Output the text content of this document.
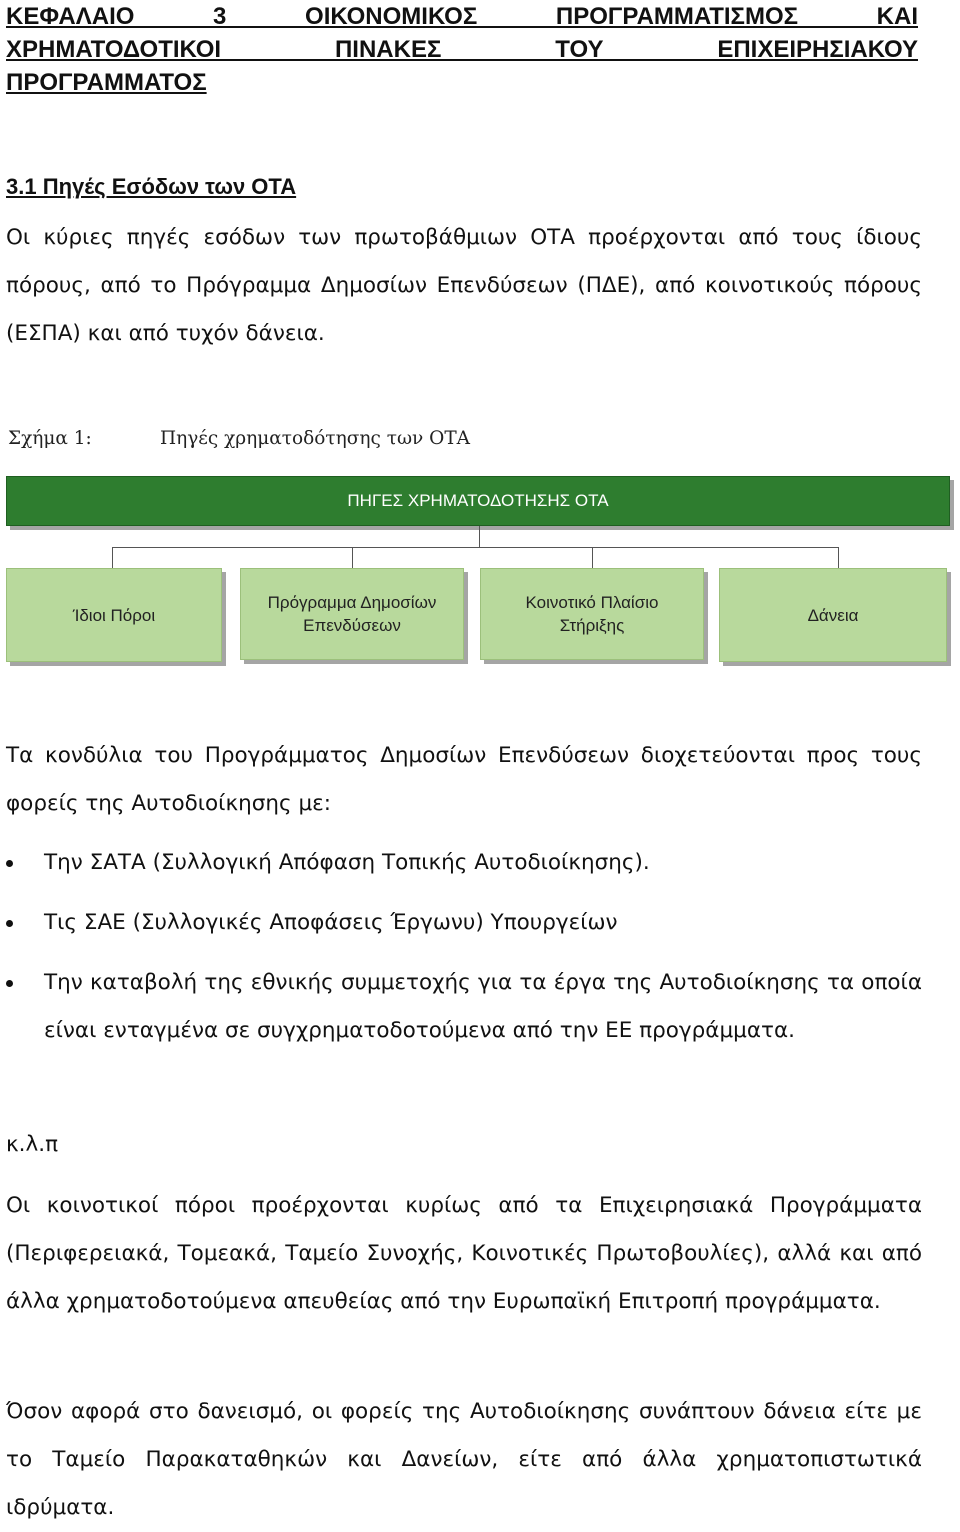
ΚΕΦΑΛΑΙΟ 3 ΟΙΚΟΝΟΜΙΚΟΣ ΠΡΟΓΡΑΜΜΑΤΙΣΜΟΣ ΚΑΙ
ΧΡΗΜΑΤΟΔΟΤΙΚΟΙ ΠΙΝΑΚΕΣ ΤΟΥ ΕΠΙΧΕΙΡΗΣΙΑΚΟΥ
ΠΡΟΓΡΑΜΜΑΤΟΣ
3.1 Πηγές Εσόδων των ΟΤΑ

Οι κύριες πηγές εσόδων των πρωτοβάθμιων ΟΤΑ προέρχονται από τους ίδιους πόρους, από το Πρόγραμμα Δημοσίων Επενδύσεων (ΠΔΕ), από κοινοτικούς πόρους (ΕΣΠΑ) και από τυχόν δάνεια.

Σχήμα 1:	Πηγές χρηματοδότησης των ΟΤΑ
ΠΗΓΕΣ ΧΡΗΜΑΤΟΔΟΤΗΣΗΣ ΟΤΑ
Ίδιοι Πόροι
Πρόγραμμα Δημοσίων Επενδύσεων
Κοινοτικό Πλαίσιο Στήριξης
Δάνεια

Τα κονδύλια του Προγράμματος Δημοσίων Επενδύσεων διοχετεύονται προς τους φορείς της Αυτοδιοίκησης με:

Την ΣΑΤΑ (Συλλογική Απόφαση Τοπικής Αυτοδιοίκησης).
Τις ΣΑΕ (Συλλογικές Αποφάσεις Έργωνυ) Υπουργείων
Την καταβολή της εθνικής συμμετοχής για τα έργα της Αυτοδιοίκησης τα οποία είναι ενταγμένα σε συγχρηματοδοτούμενα από την ΕΕ προγράμματα.

κ.λ.π

Οι κοινοτικοί πόροι προέρχονται κυρίως από τα Επιχειρησιακά Προγράμματα (Περιφερειακά, Τομεακά, Ταμείο Συνοχής, Κοινοτικές Πρωτοβουλίες), αλλά και από άλλα χρηματοδοτούμενα απευθείας από την Ευρωπαϊκή Επιτροπή προγράμματα.

Όσον αφορά στο δανεισμό, οι φορείς της Αυτοδιοίκησης συνάπτουν δάνεια είτε με το Ταμείο Παρακαταθηκών και Δανείων, είτε από άλλα χρηματοπιστωτικά ιδρύματα.
